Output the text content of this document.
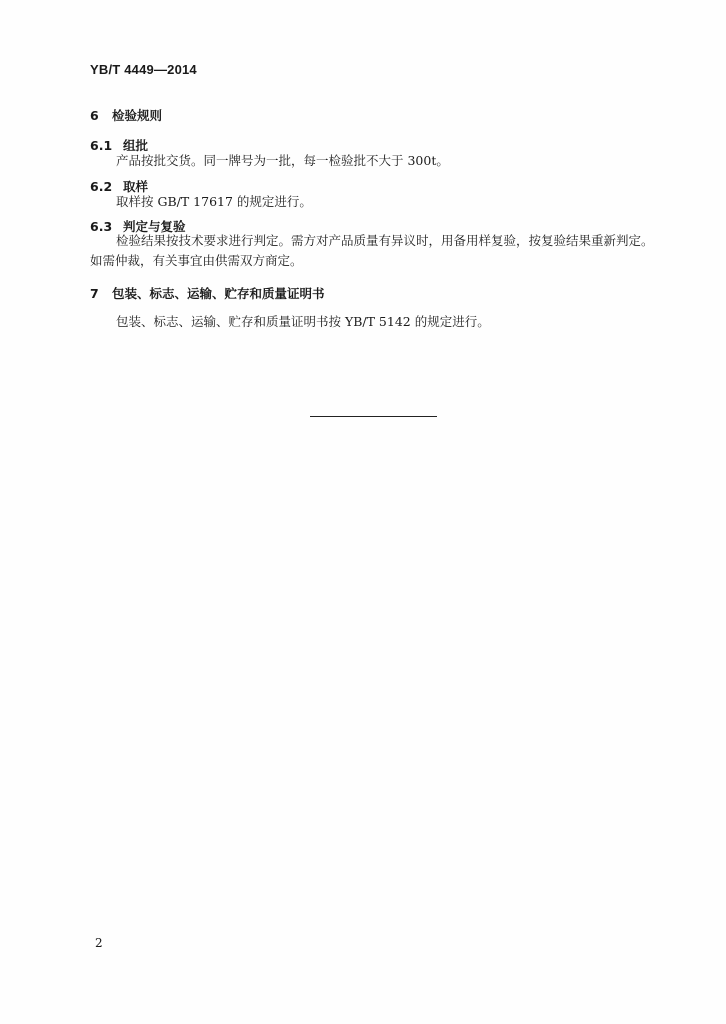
YB/T 4449—2014
6 检验规则
6.1 组批
产品按批交货。同一牌号为一批，每一检验批不大于 300t。
6.2 取样
取样按 GB/T 17617 的规定进行。
6.3 判定与复验
检验结果按技术要求进行判定。需方对产品质量有异议时，用备用样复验，按复验结果重新判定。
如需仲裁，有关事宜由供需双方商定。
7 包装、标志、运输、贮存和质量证明书
包装、标志、运输、贮存和质量证明书按 YB/T 5142 的规定进行。
2
